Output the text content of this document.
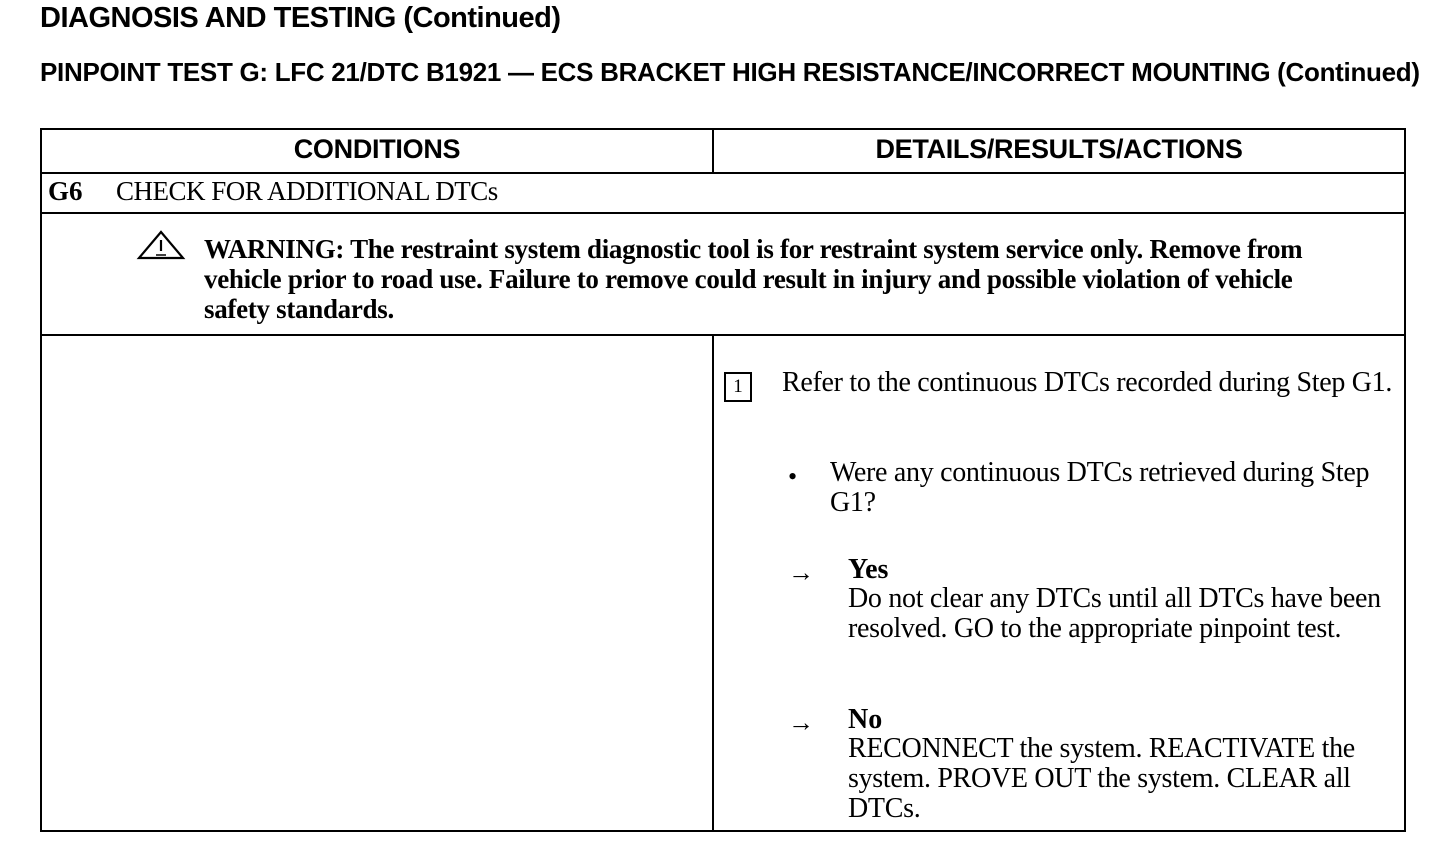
DIAGNOSIS AND TESTING (Continued)
PINPOINT TEST G: LFC 21/DTC B1921 — ECS BRACKET HIGH RESISTANCE/INCORRECT MOUNTING (Continued)
CONDITIONS	DETAILS/RESULTS/ACTIONS
G6 CHECK FOR ADDITIONAL DTCs
WARNING: The restraint system diagnostic tool is for restraint system service only. Remove from vehicle prior to road use. Failure to remove could result in injury and possible violation of vehicle safety standards.
1	Refer to the continuous DTCs recorded during Step G1.
• Were any continuous DTCs retrieved during Step G1?
→ Yes
Do not clear any DTCs until all DTCs have been resolved. GO to the appropriate pinpoint test.
→ No
RECONNECT the system. REACTIVATE the system. PROVE OUT the system. CLEAR all DTCs.
